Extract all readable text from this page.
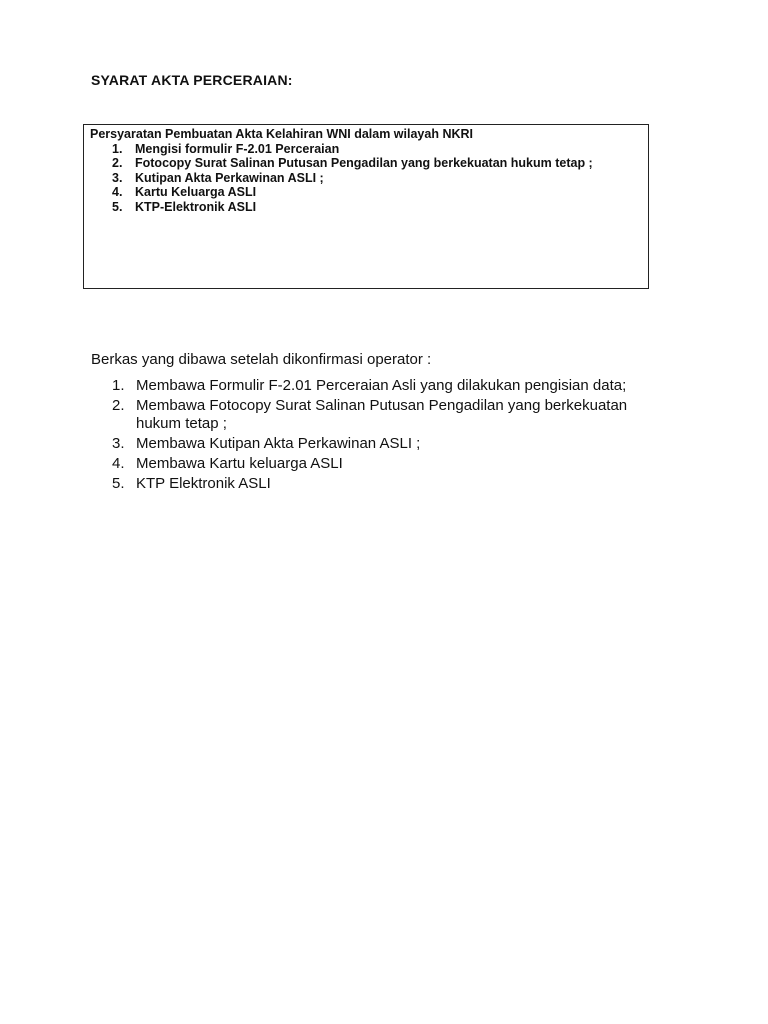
SYARAT AKTA PERCERAIAN:
Persyaratan Pembuatan Akta Kelahiran WNI dalam wilayah NKRI
1. Mengisi formulir F-2.01 Perceraian
2. Fotocopy Surat Salinan Putusan Pengadilan yang berkekuatan hukum tetap ;
3. Kutipan Akta Perkawinan ASLI ;
4. Kartu Keluarga ASLI
5. KTP-Elektronik ASLI
Berkas yang dibawa setelah dikonfirmasi operator :
1. Membawa Formulir F-2.01 Perceraian Asli yang dilakukan pengisian data;
2. Membawa Fotocopy Surat Salinan Putusan Pengadilan yang berkekuatan hukum tetap ;
3. Membawa Kutipan Akta Perkawinan ASLI ;
4. Membawa Kartu keluarga ASLI
5. KTP Elektronik ASLI
